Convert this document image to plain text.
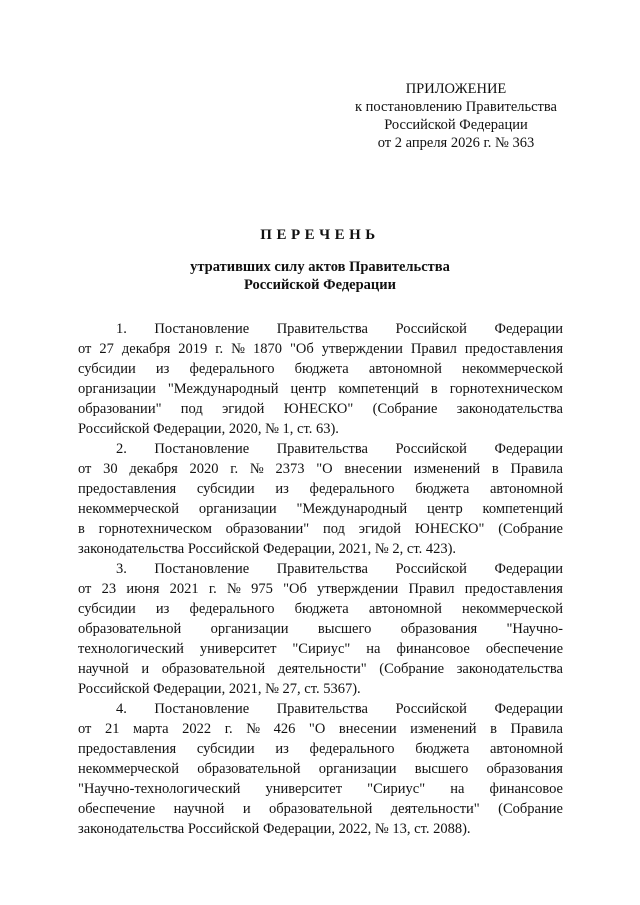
ПРИЛОЖЕНИЕ
к постановлению Правительства
Российской Федерации
от 2 апреля 2026 г. № 363
ПЕРЕЧЕНЬ
утративших силу актов Правительства
Российской Федерации
1. Постановление Правительства Российской Федерации
от 27 декабря 2019 г. № 1870 "Об утверждении Правил предоставления
субсидии из федерального бюджета автономной некоммерческой
организации "Международный центр компетенций в горнотехническом
образовании" под эгидой ЮНЕСКО" (Собрание законодательства
Российской Федерации, 2020, № 1, ст. 63).
2. Постановление Правительства Российской Федерации
от 30 декабря 2020 г. № 2373 "О внесении изменений в Правила
предоставления субсидии из федерального бюджета автономной
некоммерческой организации "Международный центр компетенций
в горнотехническом образовании" под эгидой ЮНЕСКО" (Собрание
законодательства Российской Федерации, 2021, № 2, ст. 423).
3. Постановление Правительства Российской Федерации
от 23 июня 2021 г. № 975 "Об утверждении Правил предоставления
субсидии из федерального бюджета автономной некоммерческой
образовательной организации высшего образования "Научно-
технологический университет "Сириус" на финансовое обеспечение
научной и образовательной деятельности" (Собрание законодательства
Российской Федерации, 2021, № 27, ст. 5367).
4. Постановление Правительства Российской Федерации
от 21 марта 2022 г. № 426 "О внесении изменений в Правила
предоставления субсидии из федерального бюджета автономной
некоммерческой образовательной организации высшего образования
"Научно-технологический университет "Сириус" на финансовое
обеспечение научной и образовательной деятельности" (Собрание
законодательства Российской Федерации, 2022, № 13, ст. 2088).
